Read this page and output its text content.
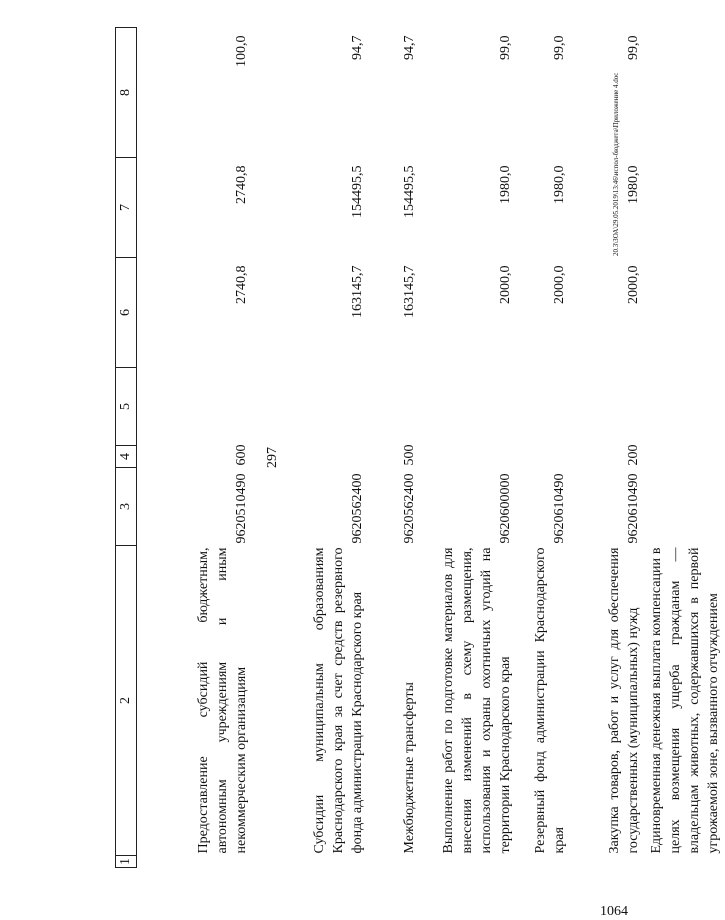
297
20.3\ЗОА\29.05.2019\13:46\испол-бюджета\Приложение 4.doc
1064
1	2	3	4	5	6	7	8
	Предоставление субсидий бюджетным, автономным учреждениям и иным некоммерческим организациям	9620510490	600		2740,8	2740,8	100,0
	Субсидии муниципальным образованиям Краснодарского края за счет средств резервного фонда администрации Краснодарского края	9620562400			163145,7	154495,5	94,7
	Межбюджетные трансферты	9620562400	500		163145,7	154495,5	94,7
	Выполнение работ по подготовке материалов для внесения изменений в схему размещения, использования и охраны охотничьих угодий на территории Краснодарского края	9620600000			2000,0	1980,0	99,0
	Резервный фонд администрации Краснодарского края	9620610490			2000,0	1980,0	99,0
	Закупка товаров, работ и услуг для обеспечения государственных (муниципальных) нужд	9620610490	200		2000,0	1980,0	99,0
	Единовременная денежная выплата компенсации в целях возмещения ущерба гражданам — владельцам животных, содержавшихся в первой угрожаемой зоне, вызванного отчуждением						
